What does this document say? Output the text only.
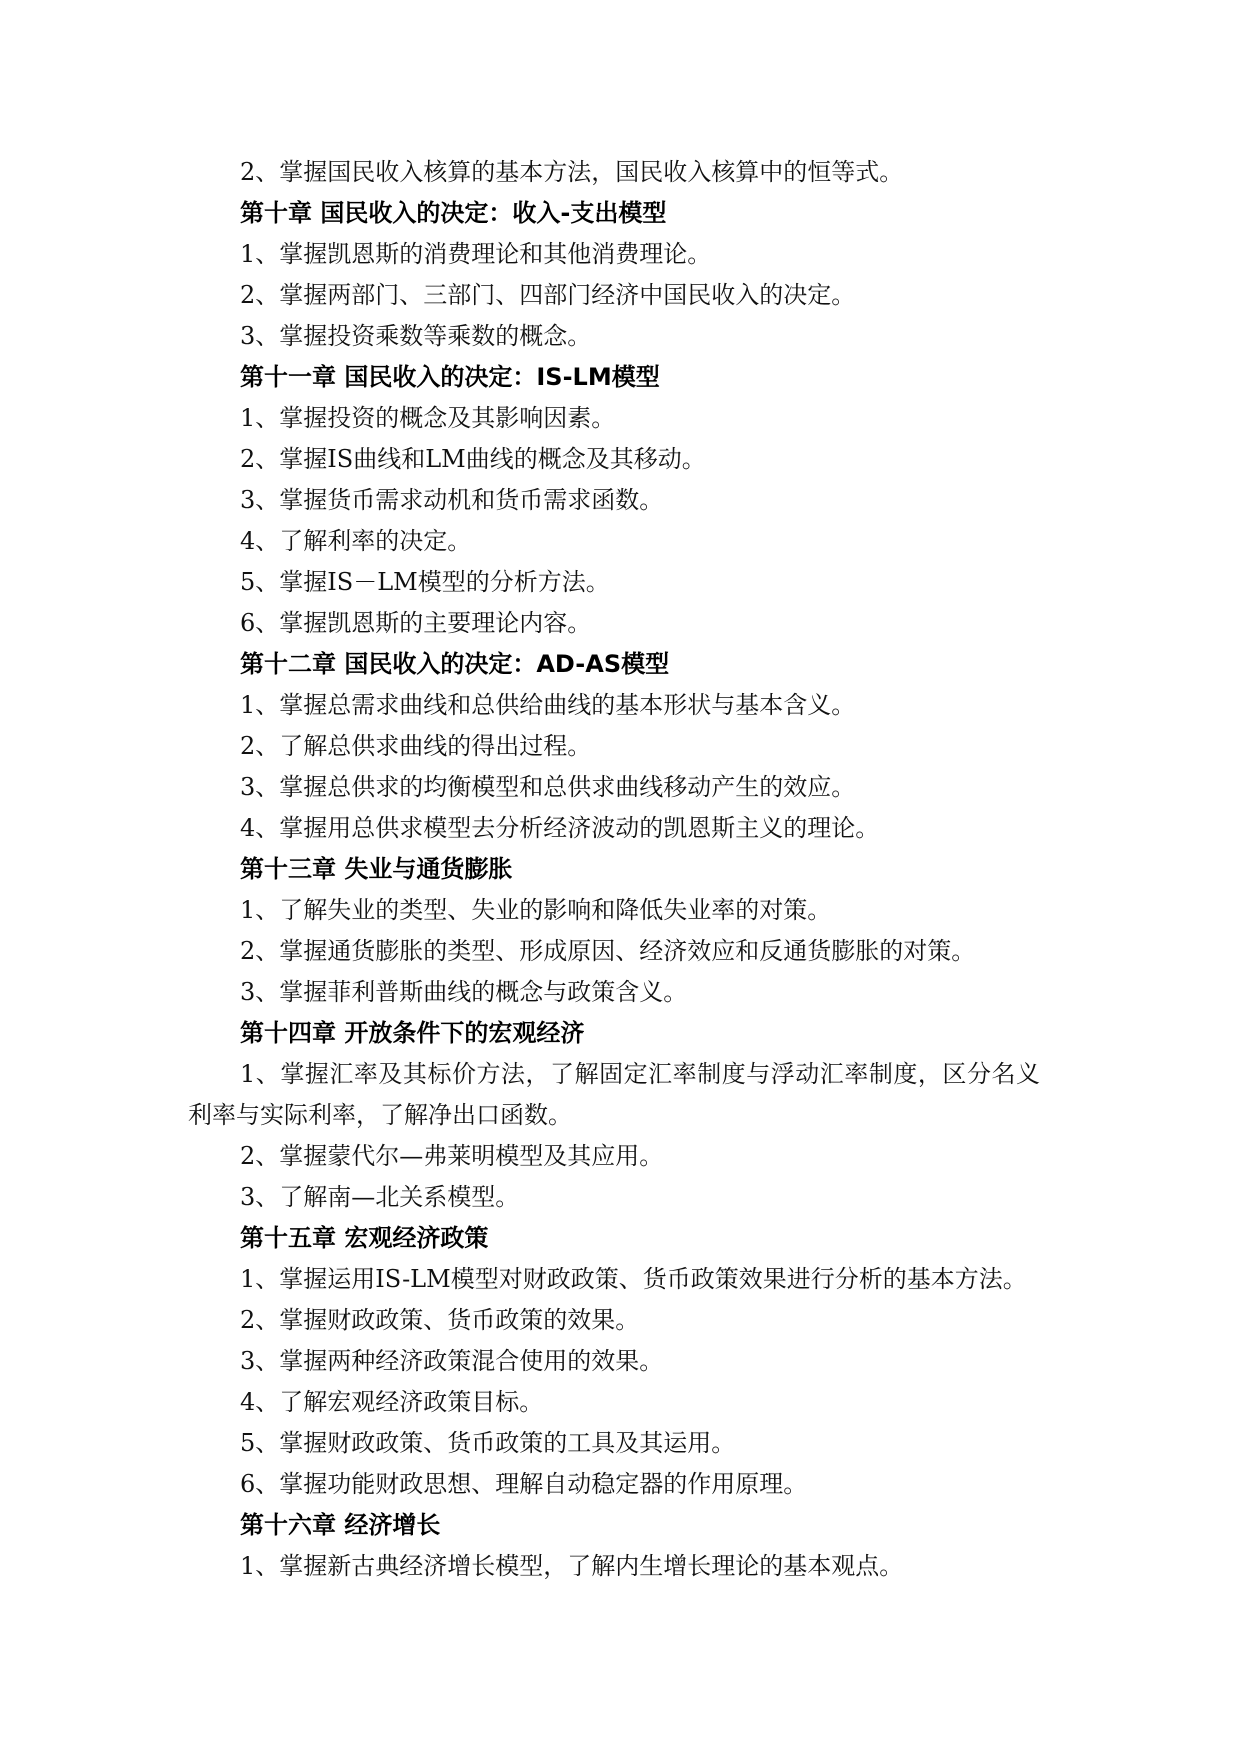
2、掌握国民收入核算的基本方法，国民收入核算中的恒等式。

第十章 国民收入的决定：收入-支出模型

1、掌握凯恩斯的消费理论和其他消费理论。

2、掌握两部门、三部门、四部门经济中国民收入的决定。

3、掌握投资乘数等乘数的概念。

第十一章 国民收入的决定：IS-LM模型

1、掌握投资的概念及其影响因素。

2、掌握IS曲线和LM曲线的概念及其移动。

3、掌握货币需求动机和货币需求函数。

4、了解利率的决定。

5、掌握IS－LM模型的分析方法。

6、掌握凯恩斯的主要理论内容。

第十二章 国民收入的决定：AD-AS模型

1、掌握总需求曲线和总供给曲线的基本形状与基本含义。

2、了解总供求曲线的得出过程。

3、掌握总供求的均衡模型和总供求曲线移动产生的效应。

4、掌握用总供求模型去分析经济波动的凯恩斯主义的理论。

第十三章 失业与通货膨胀

1、了解失业的类型、失业的影响和降低失业率的对策。

2、掌握通货膨胀的类型、形成原因、经济效应和反通货膨胀的对策。

3、掌握菲利普斯曲线的概念与政策含义。

第十四章 开放条件下的宏观经济

1、掌握汇率及其标价方法，了解固定汇率制度与浮动汇率制度，区分名义利率与实际利率，了解净出口函数。

2、掌握蒙代尔—弗莱明模型及其应用。

3、了解南—北关系模型。

第十五章 宏观经济政策

1、掌握运用IS-LM模型对财政政策、货币政策效果进行分析的基本方法。

2、掌握财政政策、货币政策的效果。

3、掌握两种经济政策混合使用的效果。

4、了解宏观经济政策目标。

5、掌握财政政策、货币政策的工具及其运用。

6、掌握功能财政思想、理解自动稳定器的作用原理。

第十六章 经济增长

1、掌握新古典经济增长模型，了解内生增长理论的基本观点。
